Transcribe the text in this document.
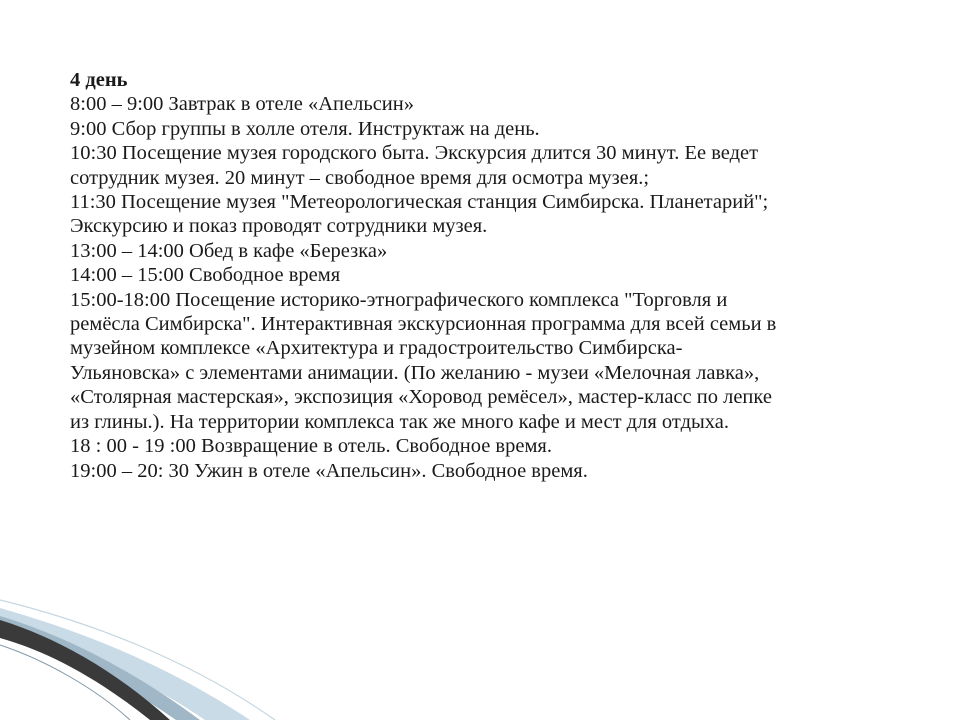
4 день
8:00 – 9:00 Завтрак в отеле «Апельсин»
9:00 Сбор группы в холле отеля. Инструктаж на день.
10:30 Посещение музея городского быта. Экскурсия длится 30 минут. Ее ведет
сотрудник музея. 20 минут – свободное время для осмотра музея.;
11:30 Посещение музея "Метеорологическая станция Симбирска. Планетарий";
Экскурсию и показ проводят сотрудники музея.
13:00 – 14:00 Обед в кафе «Березка»
14:00 – 15:00 Свободное время
15:00-18:00 Посещение историко-этнографического комплекса "Торговля и
ремёсла Симбирска". Интерактивная экскурсионная программа для всей семьи в
музейном комплексе «Архитектура и градостроительство Симбирска-
Ульяновска» с элементами анимации. (По желанию - музеи «Мелочная лавка»,
«Столярная мастерская», экспозиция «Хоровод ремёсел», мастер-класс по лепке
из глины.). На территории комплекса так же много кафе и мест для отдыха.
18 : 00 - 19 :00 Возвращение в отель. Свободное время.
19:00 – 20: 30 Ужин в отеле «Апельсин». Свободное время.
